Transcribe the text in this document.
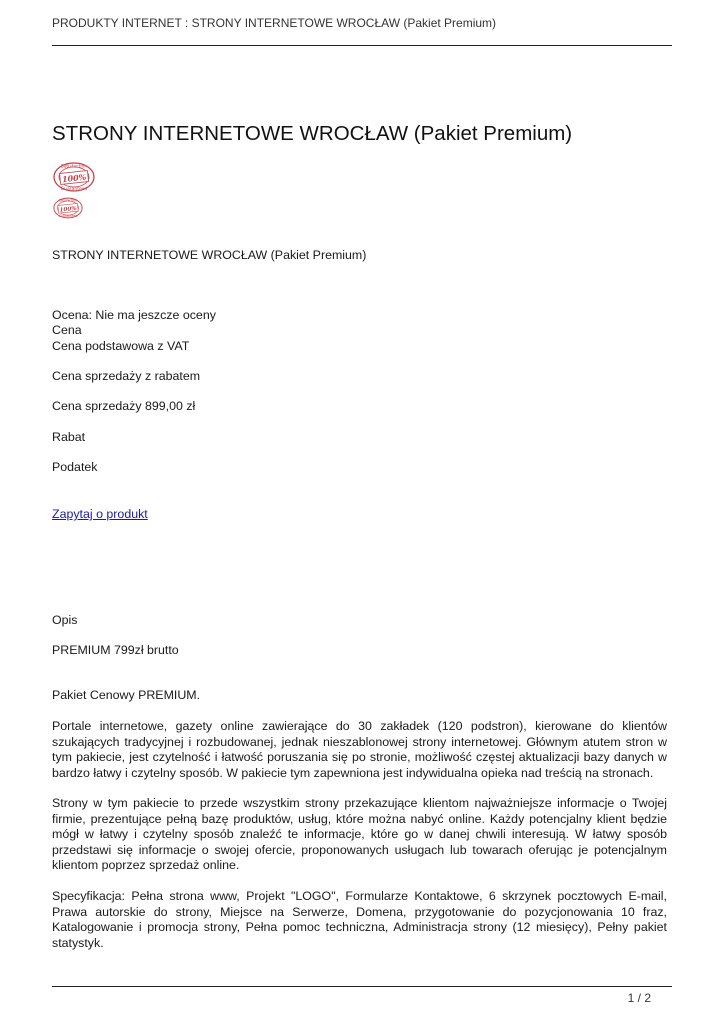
PRODUKTY INTERNET : STRONY INTERNETOWE WROCŁAW (Pakiet Premium)
STRONY INTERNETOWE WROCŁAW (Pakiet Premium)
Satisfaction
100%
Guaranteed
Satisfaction
100%
Guaranteed

STRONY INTERNETOWE WROCŁAW (Pakiet Premium)

Ocena: Nie ma jeszcze oceny

Cena

Cena podstawowa z VAT

Cena sprzedaży z rabatem

Cena sprzedaży 899,00 zł

Rabat

Podatek

Zapytaj o produkt

Opis

PREMIUM 799zł brutto

Pakiet Cenowy PREMIUM.

Portale internetowe, gazety online zawierające do 30 zakładek (120 podstron), kierowane do klientów szukających tradycyjnej i rozbudowanej, jednak nieszablonowej strony internetowej. Głównym atutem stron w tym pakiecie, jest czytelność i łatwość poruszania się po stronie, możliwość częstej aktualizacji bazy danych w bardzo łatwy i czytelny sposób. W pakiecie tym zapewniona jest indywidualna opieka nad treścią na stronach.

Strony w tym pakiecie to przede wszystkim strony przekazujące klientom najważniejsze informacje o Twojej firmie, prezentujące pełną bazę produktów, usług, które można nabyć online. Każdy potencjalny klient będzie mógł w łatwy i czytelny sposób znaleźć te informacje, które go w danej chwili interesują. W łatwy sposób przedstawi się informacje o swojej ofercie, proponowanych usługach lub towarach oferując je potencjalnym klientom poprzez sprzedaż online.

Specyfikacja: Pełna strona www, Projekt "LOGO", Formularze Kontaktowe, 6 skrzynek pocztowych E-mail, Prawa autorskie do strony, Miejsce na Serwerze, Domena, przygotowanie do pozycjonowania 10 fraz, Katalogowanie i promocja strony, Pełna pomoc techniczna, Administracja strony (12 miesięcy), Pełny pakiet statystyk.

1 / 2
